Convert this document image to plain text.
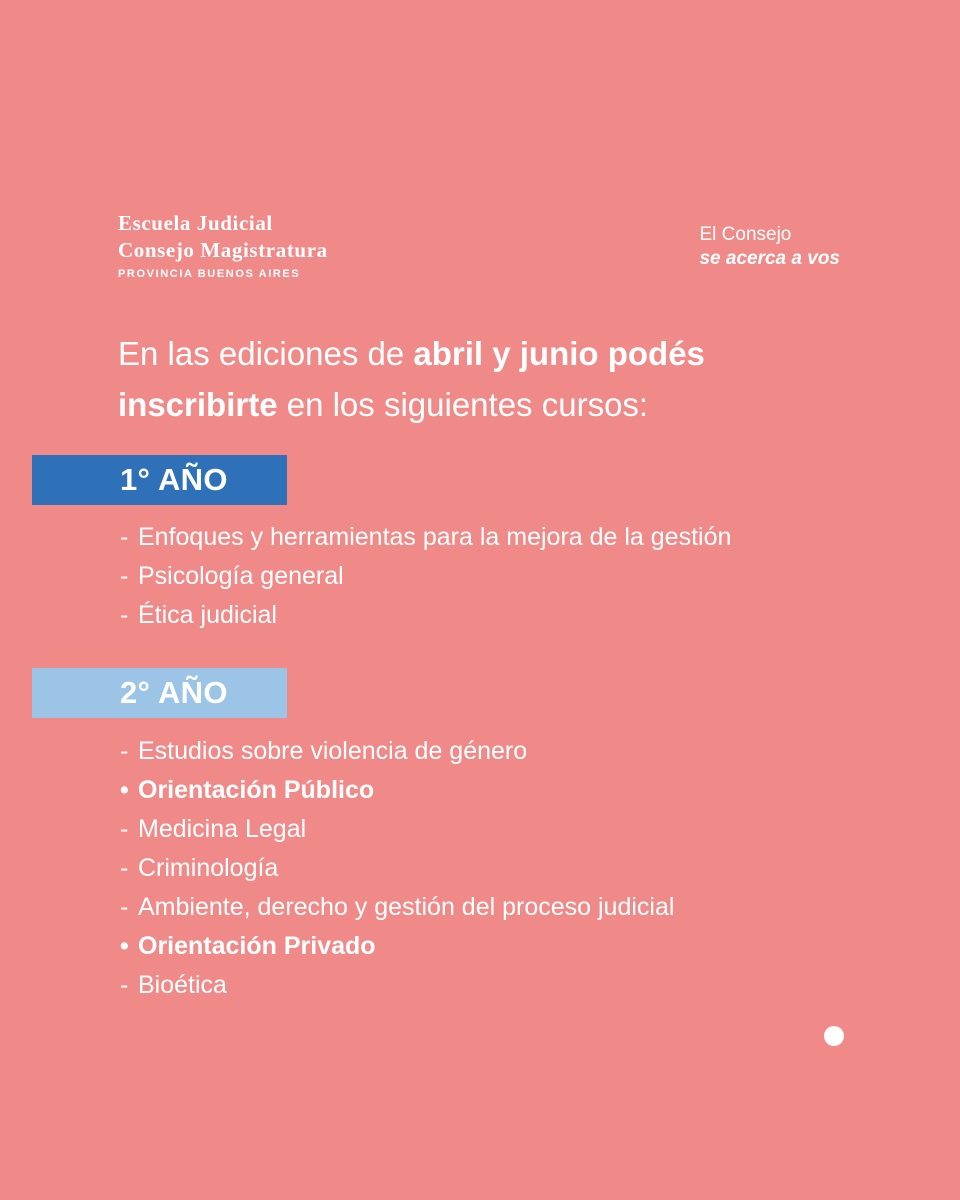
Escuela Judicial
Consejo Magistratura
PROVINCIA BUENOS AIRES
El Consejo
se acerca a vos
En las ediciones de abril y junio podés inscribirte en los siguientes cursos:
1° AÑO
- Enfoques y herramientas para la mejora de la gestión
- Psicología general
- Ética judicial
2° AÑO
- Estudios sobre violencia de género
• Orientación Público
- Medicina Legal
- Criminología
- Ambiente, derecho y gestión del proceso judicial
• Orientación Privado
- Bioética
